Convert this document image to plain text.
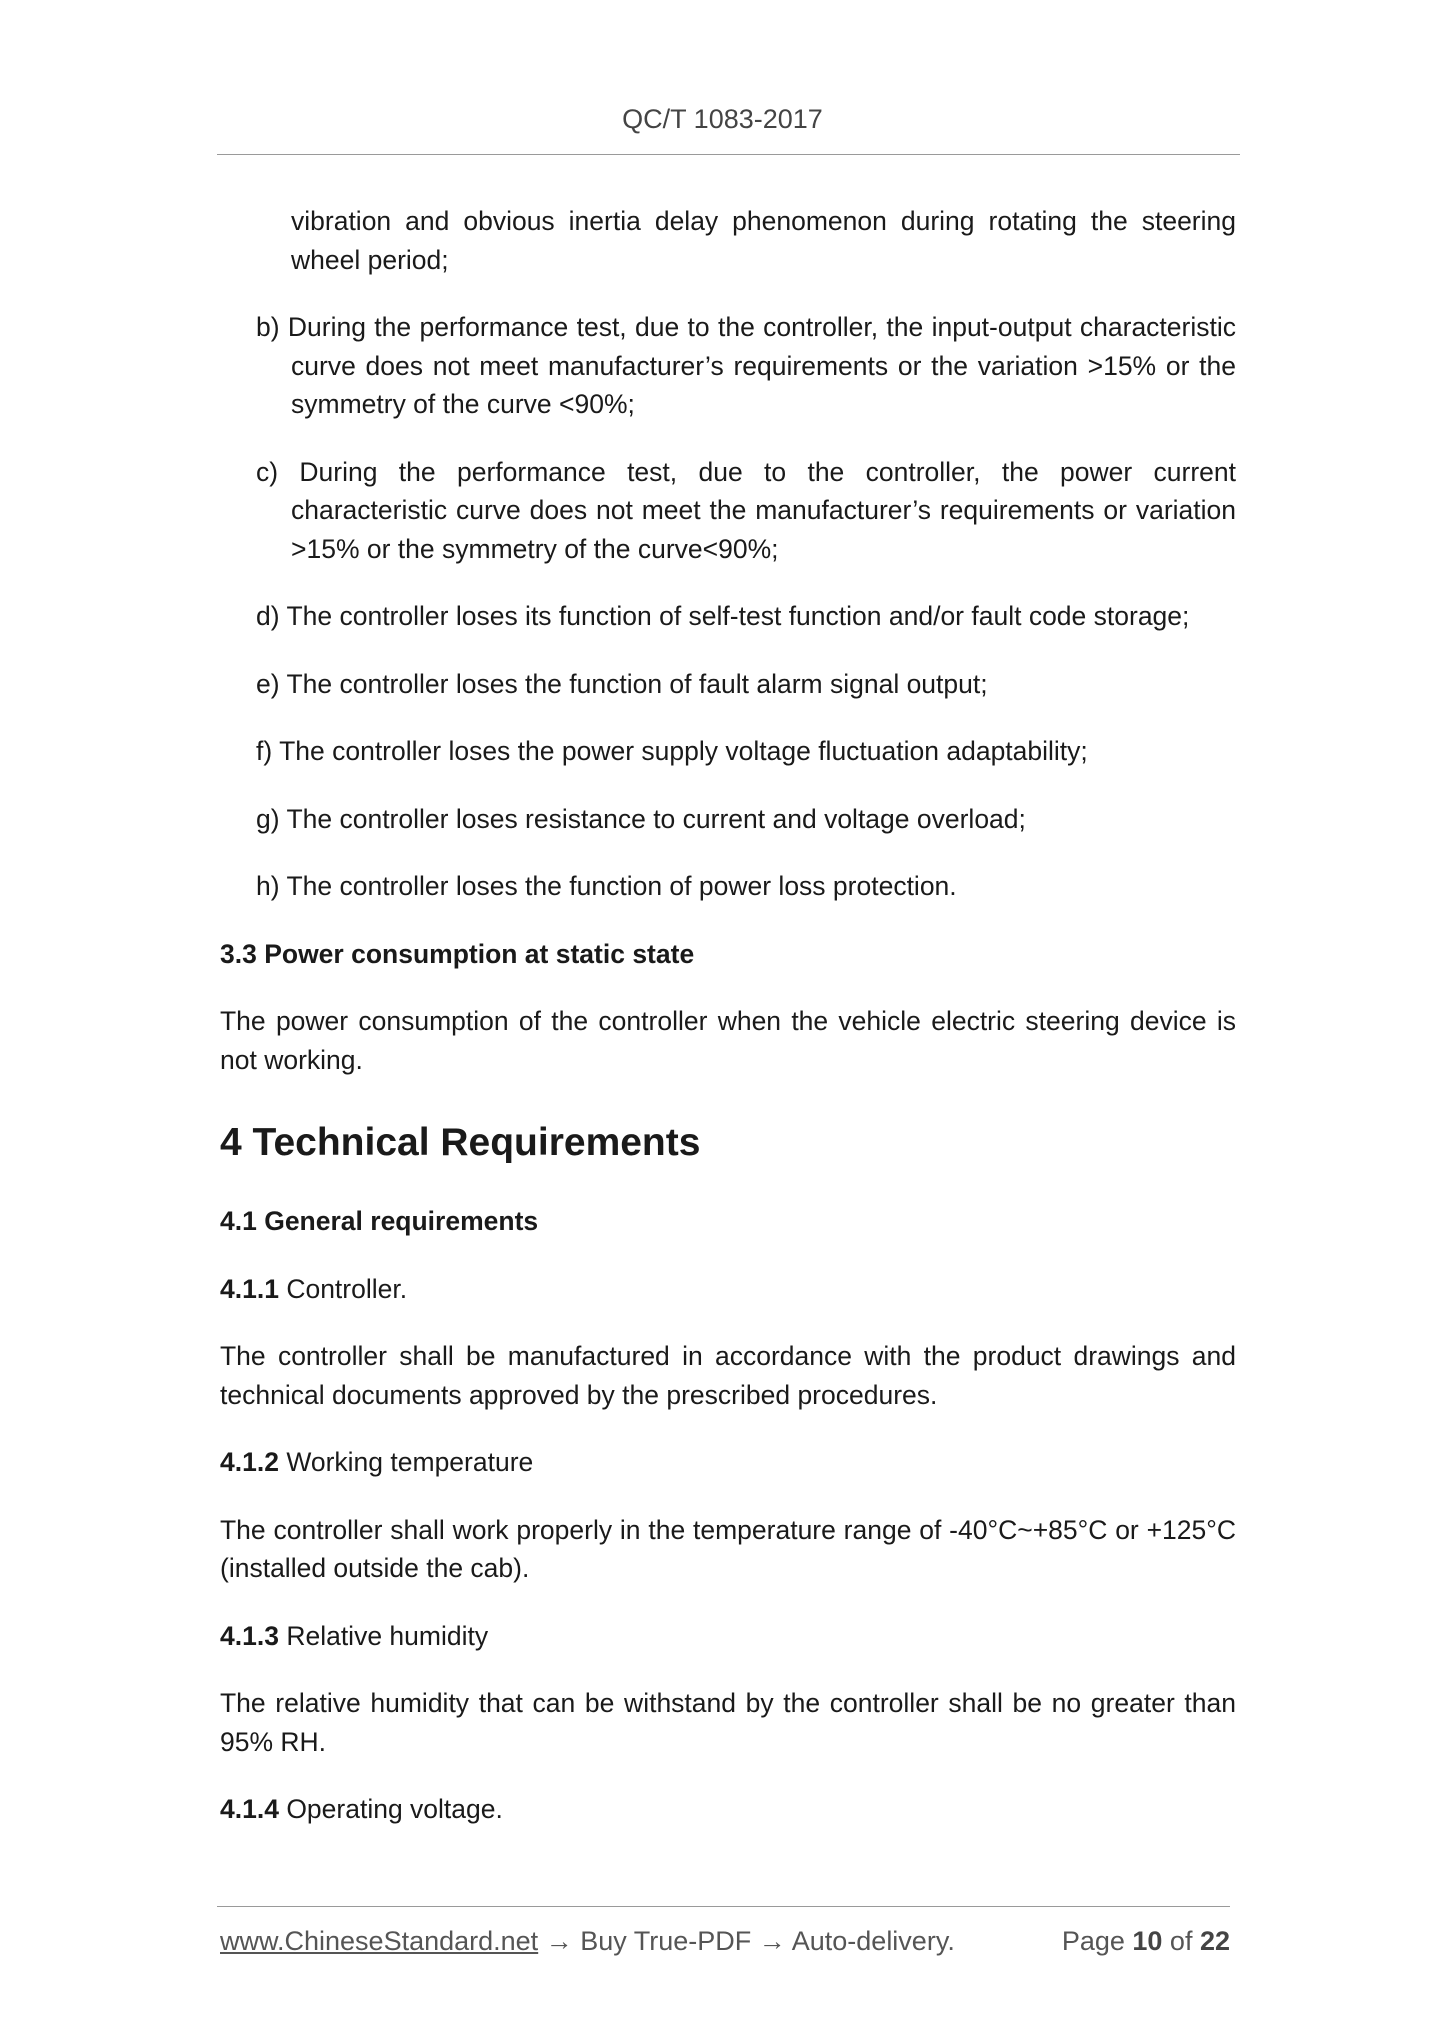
QC/T 1083-2017

vibration and obvious inertia delay phenomenon during rotating the steering wheel period;

b) During the performance test, due to the controller, the input-output characteristic curve does not meet manufacturer’s requirements or the variation >15% or the symmetry of the curve <90%;

c) During the performance test, due to the controller, the power current characteristic curve does not meet the manufacturer’s requirements or variation >15% or the symmetry of the curve<90%;

d) The controller loses its function of self-test function and/or fault code storage;

e) The controller loses the function of fault alarm signal output;

f) The controller loses the power supply voltage fluctuation adaptability;

g) The controller loses resistance to current and voltage overload;

h) The controller loses the function of power loss protection.

3.3 Power consumption at static state

The power consumption of the controller when the vehicle electric steering device is not working.

4 Technical Requirements

4.1 General requirements

4.1.1 Controller.

The controller shall be manufactured in accordance with the product drawings and technical documents approved by the prescribed procedures.

4.1.2 Working temperature

The controller shall work properly in the temperature range of -40°C~+85°C or +125°C (installed outside the cab).

4.1.3 Relative humidity

The relative humidity that can be withstand by the controller shall be no greater than 95% RH.

4.1.4 Operating voltage.

www.ChineseStandard.net → Buy True-PDF → Auto-delivery.	Page 10 of 22
